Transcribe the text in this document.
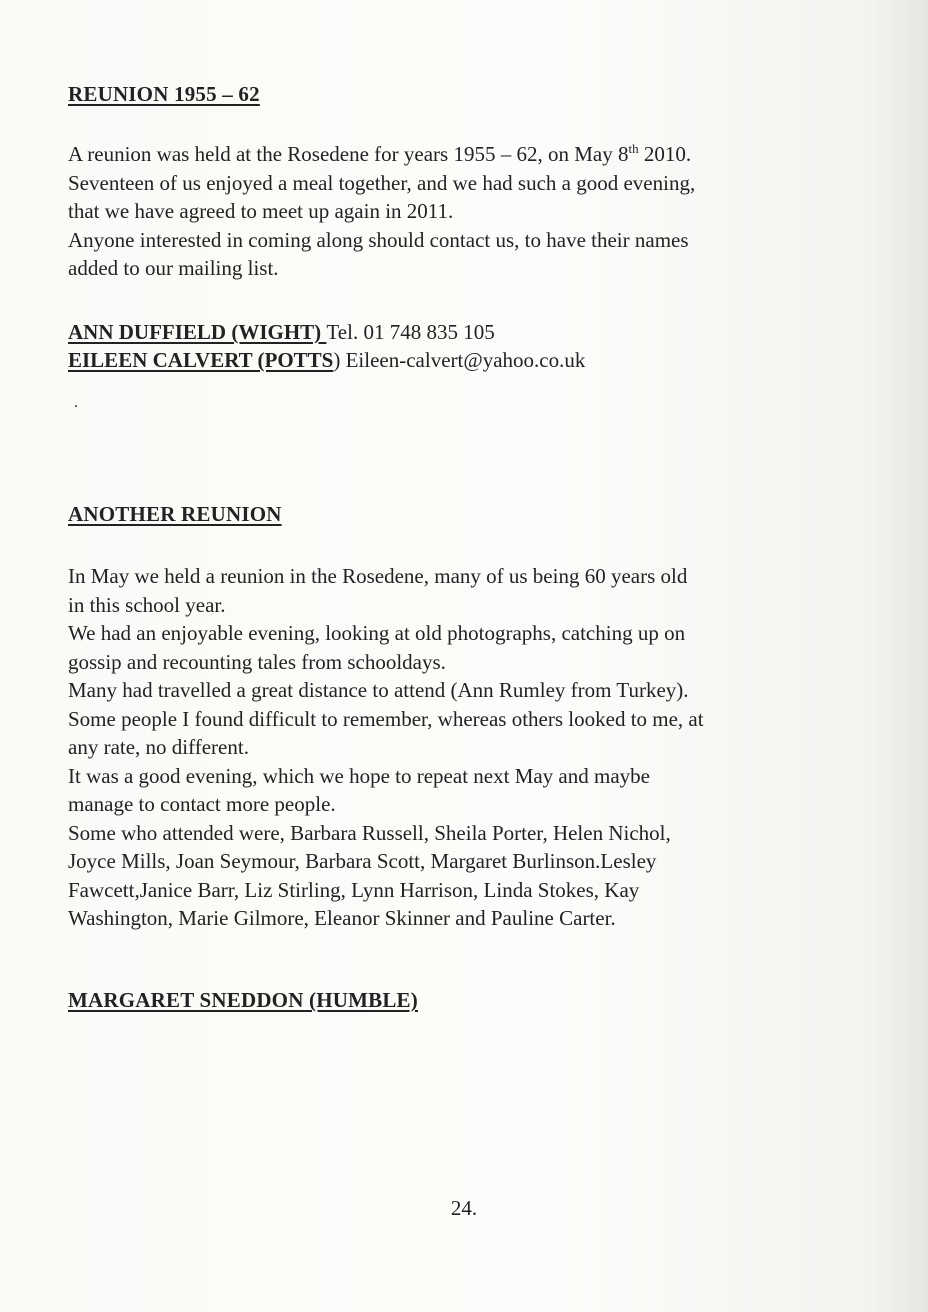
REUNION 1955 – 62

A reunion was held at the Rosedene for years 1955 – 62, on May 8th 2010.

Seventeen of us enjoyed a meal together, and we had such a good evening,

that we have agreed to meet up again in 2011.

Anyone interested in coming along should contact us, to have their names

added to our mailing list.

ANN DUFFIELD (WIGHT) Tel. 01 748 835 105

EILEEN CALVERT (POTTS) Eileen-calvert@yahoo.co.uk

.

ANOTHER REUNION

In May we held a reunion in the Rosedene, many of us being 60 years old

in this school year.

We had an enjoyable evening, looking at old photographs, catching up on

gossip and recounting tales from schooldays.

Many had travelled a great distance to attend (Ann Rumley from Turkey).

Some people I found difficult to remember, whereas others looked to me, at

any rate, no different.

It was a good evening, which we hope to repeat next May and maybe

manage to contact more people.

Some who attended were, Barbara Russell, Sheila Porter, Helen Nichol,

Joyce Mills, Joan Seymour, Barbara Scott, Margaret Burlinson.Lesley

Fawcett,Janice Barr, Liz Stirling, Lynn Harrison, Linda Stokes, Kay

Washington, Marie Gilmore, Eleanor Skinner and Pauline Carter.

MARGARET SNEDDON (HUMBLE)

24.
